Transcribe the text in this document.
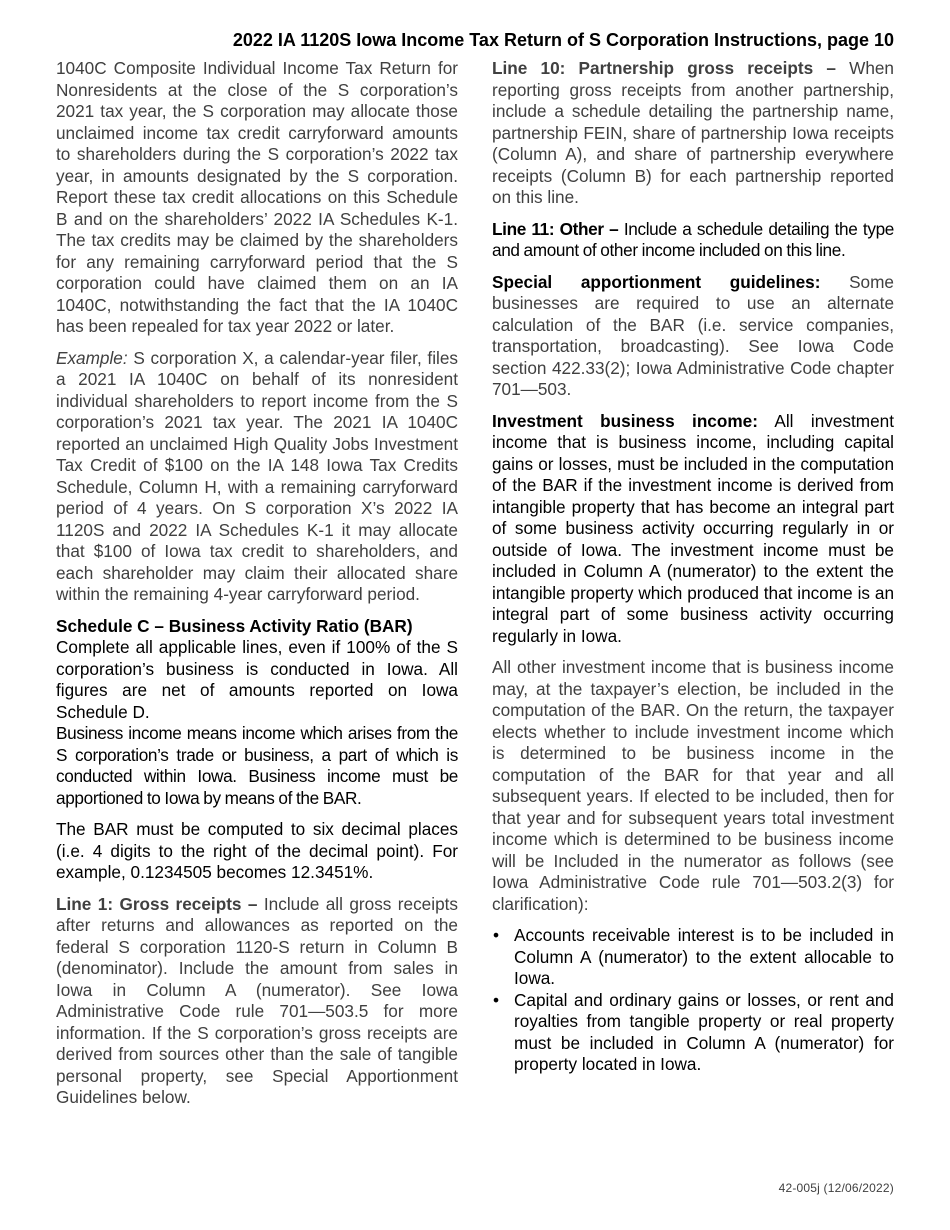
2022 IA 1120S Iowa Income Tax Return of S Corporation Instructions, page 10

1040C Composite Individual Income Tax Return for Nonresidents at the close of the S corporation’s 2021 tax year, the S corporation may allocate those unclaimed income tax credit carryforward amounts to shareholders during the S corporation’s 2022 tax year, in amounts designated by the S corporation. Report these tax credit allocations on this Schedule B and on the shareholders’ 2022 IA Schedules K-1. The tax credits may be claimed by the shareholders for any remaining carryforward period that the S corporation could have claimed them on an IA 1040C, notwithstanding the fact that the IA 1040C has been repealed for tax year 2022 or later.

Example: S corporation X, a calendar-year filer, files a 2021 IA 1040C on behalf of its nonresident individual shareholders to report income from the S corporation’s 2021 tax year. The 2021 IA 1040C reported an unclaimed High Quality Jobs Investment Tax Credit of $100 on the IA 148 Iowa Tax Credits Schedule, Column H, with a remaining carryforward period of 4 years. On S corporation X’s 2022 IA 1120S and 2022 IA Schedules K-1 it may allocate that $100 of Iowa tax credit to shareholders, and each shareholder may claim their allocated share within the remaining 4-year carryforward period.

Schedule C – Business Activity Ratio (BAR)

Complete all applicable lines, even if 100% of the S corporation’s business is conducted in Iowa. All figures are net of amounts reported on Iowa Schedule D.

Business income means income which arises from the S corporation’s trade or business, a part of which is conducted within Iowa. Business income must be apportioned to Iowa by means of the BAR.

The BAR must be computed to six decimal places (i.e. 4 digits to the right of the decimal point). For example, 0.1234505 becomes 12.3451%.

Line 1: Gross receipts – Include all gross receipts after returns and allowances as reported on the federal S corporation 1120-S return in Column B (denominator). Include the amount from sales in Iowa in Column A (numerator). See Iowa Administrative Code rule 701—503.5 for more information. If the S corporation’s gross receipts are derived from sources other than the sale of tangible personal property, see Special Apportionment Guidelines below.

Line 10: Partnership gross receipts – When reporting gross receipts from another partnership, include a schedule detailing the partnership name, partnership FEIN, share of partnership Iowa receipts (Column A), and share of partnership everywhere receipts (Column B) for each partnership reported on this line.

Line 11: Other – Include a schedule detailing the type and amount of other income included on this line.

Special apportionment guidelines: Some businesses are required to use an alternate calculation of the BAR (i.e. service companies, transportation, broadcasting). See Iowa Code section 422.33(2); Iowa Administrative Code chapter 701—503.

Investment business income: All investment income that is business income, including capital gains or losses, must be included in the computation of the BAR if the investment income is derived from intangible property that has become an integral part of some business activity occurring regularly in or outside of Iowa. The investment income must be included in Column A (numerator) to the extent the intangible property which produced that income is an integral part of some business activity occurring regularly in Iowa.

All other investment income that is business income may, at the taxpayer’s election, be included in the computation of the BAR. On the return, the taxpayer elects whether to include investment income which is determined to be business income in the computation of the BAR for that year and all subsequent years. If elected to be included, then for that year and for subsequent years total investment income which is determined to be business income will be Included in the numerator as follows (see Iowa Administrative Code rule 701—503.2(3) for clarification):

• Accounts receivable interest is to be included in Column A (numerator) to the extent allocable to Iowa.
• Capital and ordinary gains or losses, or rent and royalties from tangible property or real property must be included in Column A (numerator) for property located in Iowa.
42-005j (12/06/2022)
